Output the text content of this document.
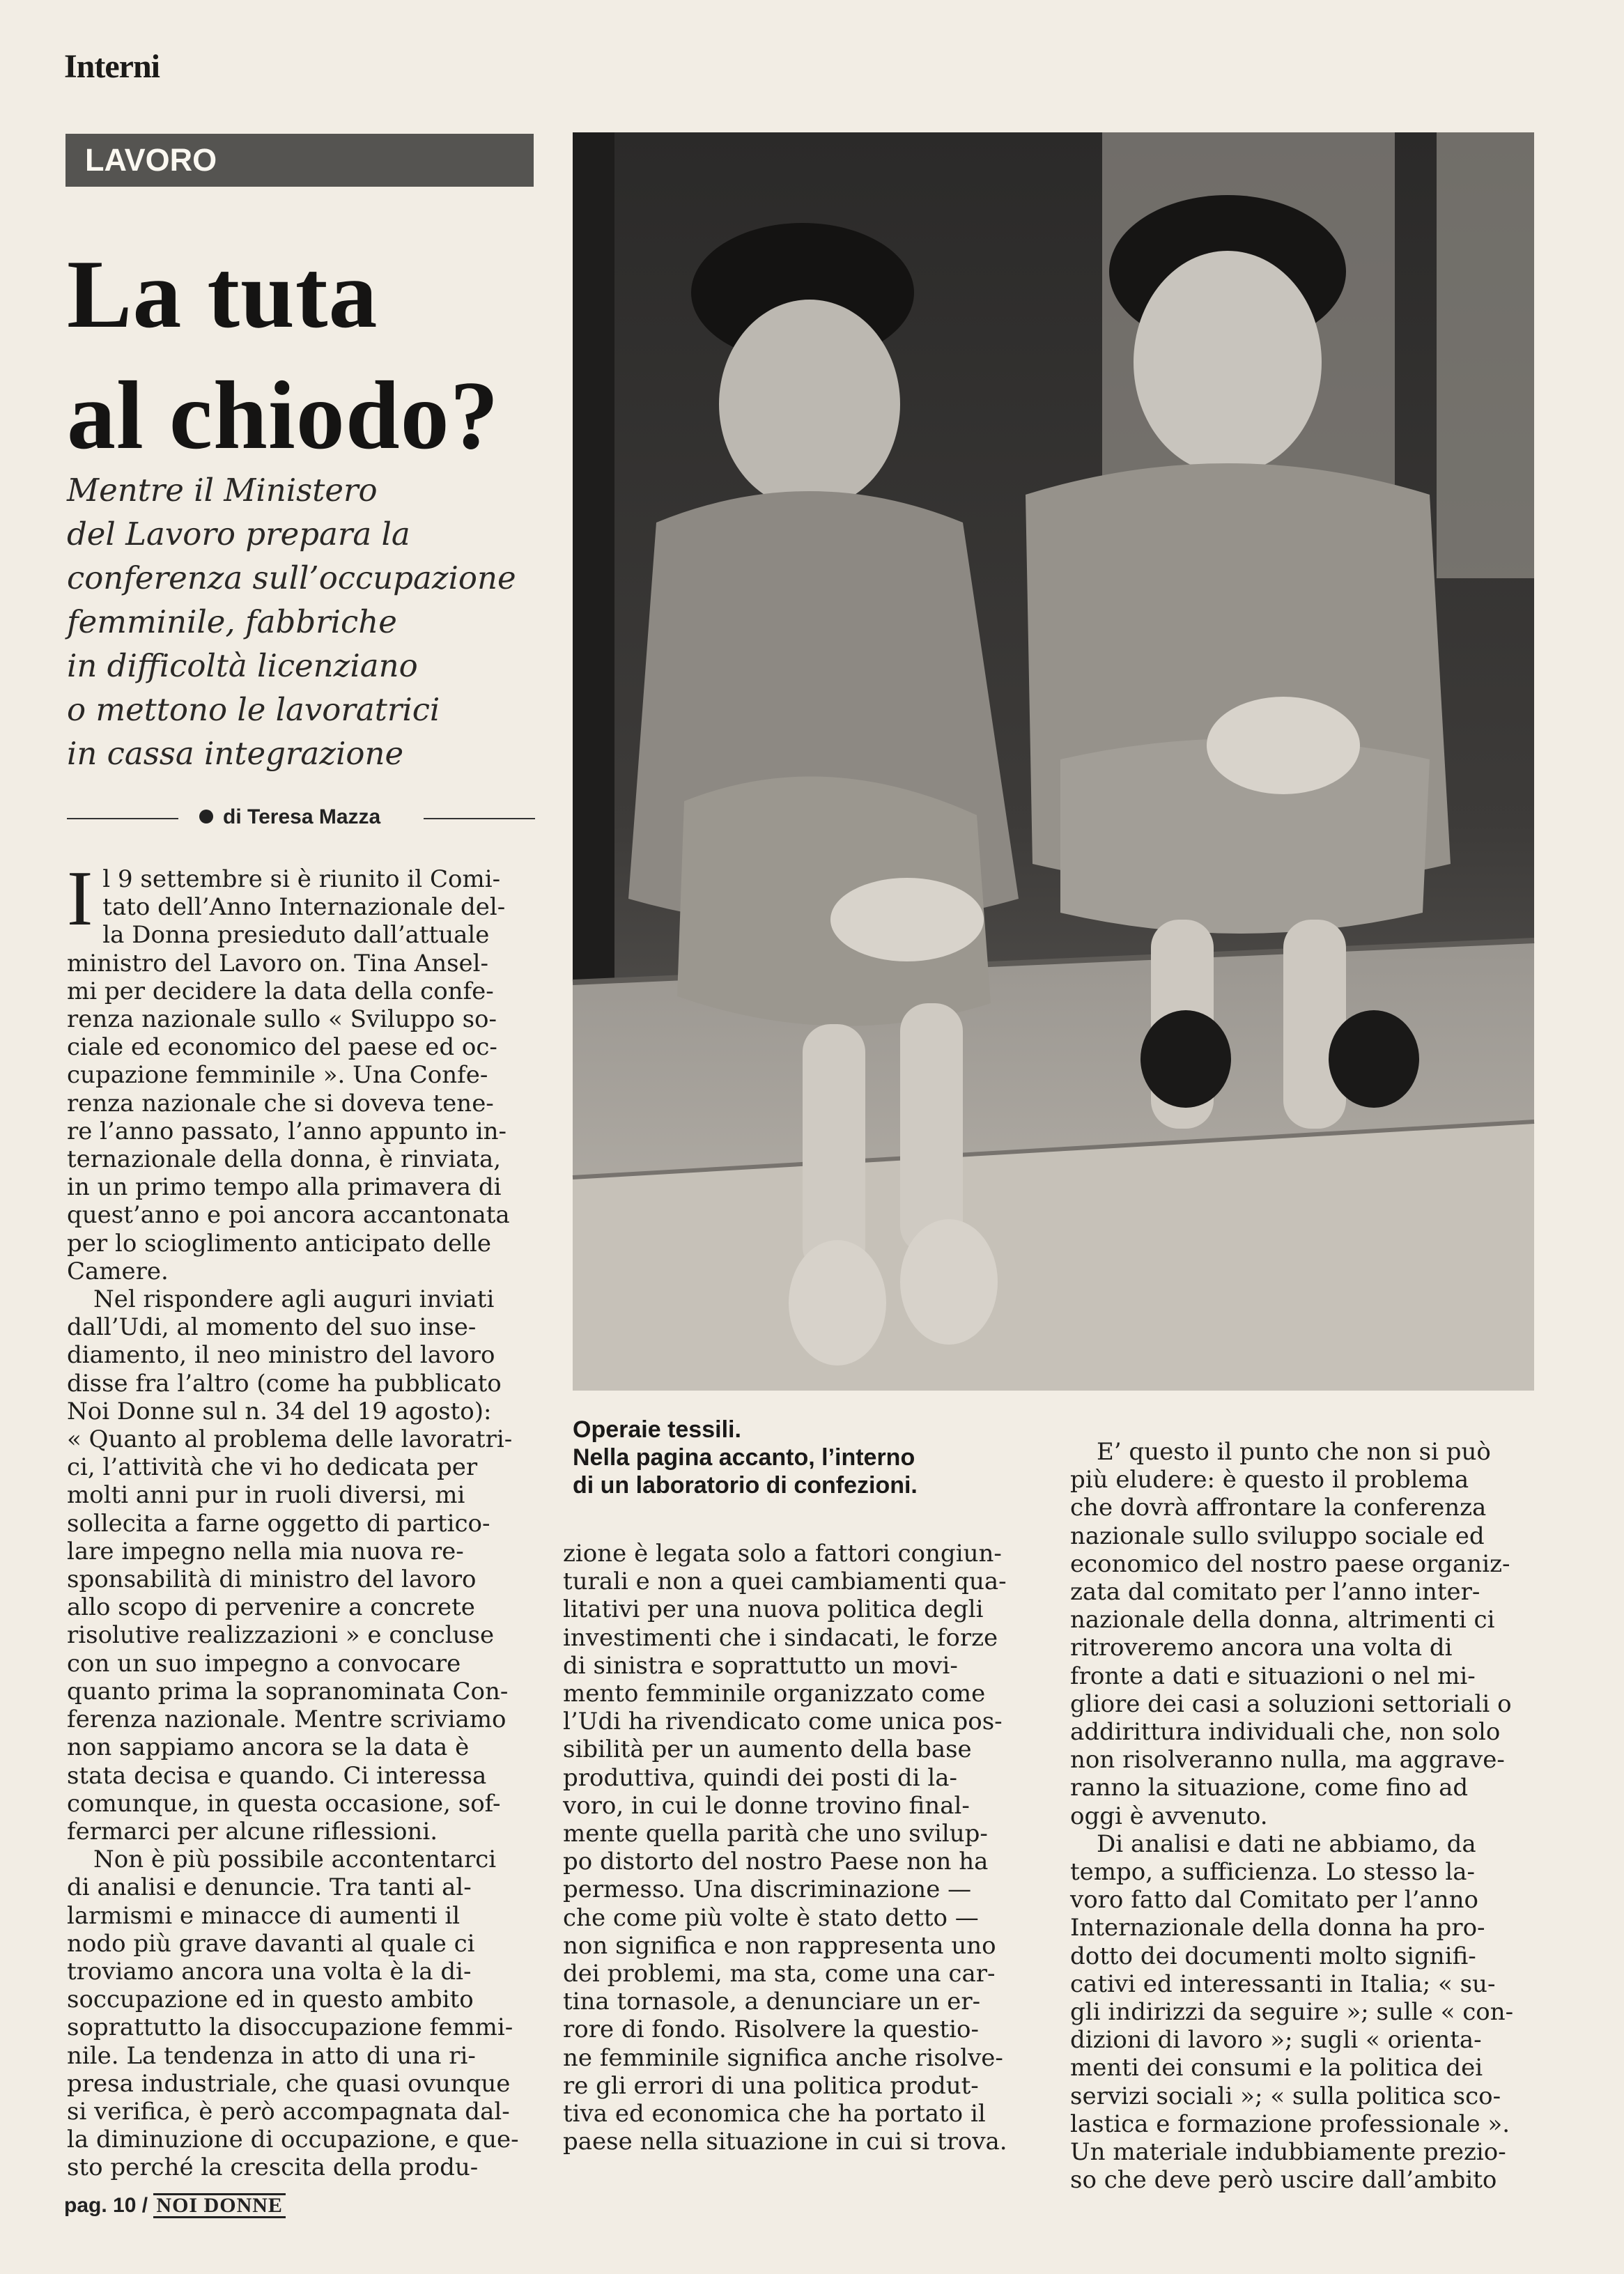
Interni
LAVORO
La tuta
al chiodo?
Mentre il Ministero
del Lavoro prepara la
conferenza sull’occupazione
femminile, fabbriche
in difficoltà licenziano
o mettono le lavoratrici
in cassa integrazione
di Teresa Mazza
I l 9 settembre si è riunito il Comi-
tato dell’Anno Internazionale del-
la Donna presieduto dall’attuale
ministro del Lavoro on. Tina Ansel-
mi per decidere la data della confe-
renza nazionale sullo « Sviluppo so-
ciale ed economico del paese ed oc-
cupazione femminile ». Una Confe-
renza nazionale che si doveva tene-
re l’anno passato, l’anno appunto in-
ternazionale della donna, è rinviata,
in un primo tempo alla primavera di
quest’anno e poi ancora accantonata
per lo scioglimento anticipato delle
Camere.

Nel rispondere agli auguri inviati
dall’Udi, al momento del suo inse-
diamento, il neo ministro del lavoro
disse fra l’altro (come ha pubblicato
Noi Donne sul n. 34 del 19 agosto):
« Quanto al problema delle lavoratri-
ci, l’attività che vi ho dedicata per
molti anni pur in ruoli diversi, mi
sollecita a farne oggetto di partico-
lare impegno nella mia nuova re-
sponsabilità di ministro del lavoro
allo scopo di pervenire a concrete
risolutive realizzazioni » e concluse
con un suo impegno a convocare
quanto prima la sopranominata Con-
ferenza nazionale. Mentre scriviamo
non sappiamo ancora se la data è
stata decisa e quando. Ci interessa
comunque, in questa occasione, sof-
fermarci per alcune riflessioni.

Non è più possibile accontentarci
di analisi e denuncie. Tra tanti al-
larmismi e minacce di aumenti il
nodo più grave davanti al quale ci
troviamo ancora una volta è la di-
soccupazione ed in questo ambito
soprattutto la disoccupazione femmi-
nile. La tendenza in atto di una ri-
presa industriale, che quasi ovunque
si verifica, è però accompagnata dal-
la diminuzione di occupazione, e que-
sto perché la crescita della produ-

Operaie tessili.
Nella pagina accanto, l’interno
di un laboratorio di confezioni.

zione è legata solo a fattori congiun-
turali e non a quei cambiamenti qua-
litativi per una nuova politica degli
investimenti che i sindacati, le forze
di sinistra e soprattutto un movi-
mento femminile organizzato come
l’Udi ha rivendicato come unica pos-
sibilità per un aumento della base
produttiva, quindi dei posti di la-
voro, in cui le donne trovino final-
mente quella parità che uno svilup-
po distorto del nostro Paese non ha
permesso. Una discriminazione —
che come più volte è stato detto —
non significa e non rappresenta uno
dei problemi, ma sta, come una car-
tina tornasole, a denunciare un er-
rore di fondo. Risolvere la questio-
ne femminile significa anche risolve-
re gli errori di una politica produt-
tiva ed economica che ha portato il
paese nella situazione in cui si trova.

E’ questo il punto che non si può
più eludere: è questo il problema
che dovrà affrontare la conferenza
nazionale sullo sviluppo sociale ed
economico del nostro paese organiz-
zata dal comitato per l’anno inter-
nazionale della donna, altrimenti ci
ritroveremo ancora una volta di
fronte a dati e situazioni o nel mi-
gliore dei casi a soluzioni settoriali o
addirittura individuali che, non solo
non risolveranno nulla, ma aggrave-
ranno la situazione, come fino ad
oggi è avvenuto.

Di analisi e dati ne abbiamo, da
tempo, a sufficienza. Lo stesso la-
voro fatto dal Comitato per l’anno
Internazionale della donna ha pro-
dotto dei documenti molto signifi-
cativi ed interessanti in Italia; « su-
gli indirizzi da seguire »; sulle « con-
dizioni di lavoro »; sugli « orienta-
menti dei consumi e la politica dei
servizi sociali »; « sulla politica sco-
lastica e formazione professionale ».
Un materiale indubbiamente prezio-
so che deve però uscire dall’ambito

pag. 10 / NOI DONNE
